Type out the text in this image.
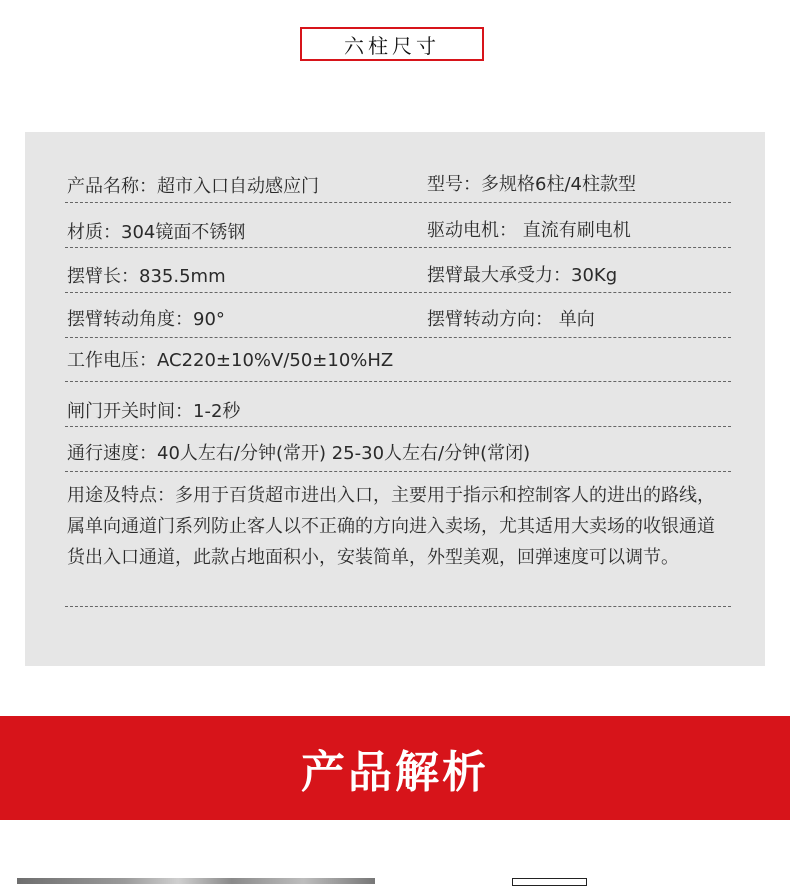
六柱尺寸
产品名称：超市入口自动感应门	型号：多规格6柱/4柱款型
材质：304镜面不锈钢	驱动电机： 直流有刷电机
摆臂长：835.5mm	摆臂最大承受力：30Kg
摆臂转动角度：90°	摆臂转动方向： 单向
工作电压：AC220±10%V/50±10%HZ
闸门开关时间：1-2秒
通行速度：40人左右/分钟(常开) 25-30人左右/分钟(常闭)
用途及特点：多用于百货超市进出入口，主要用于指示和控制客人的进出的路线，属单向通道门系列防止客人以不正确的方向进入卖场，尤其适用大卖场的收银通道 货出入口通道，此款占地面积小，安装简单，外型美观，回弹速度可以调节。
产品解析
